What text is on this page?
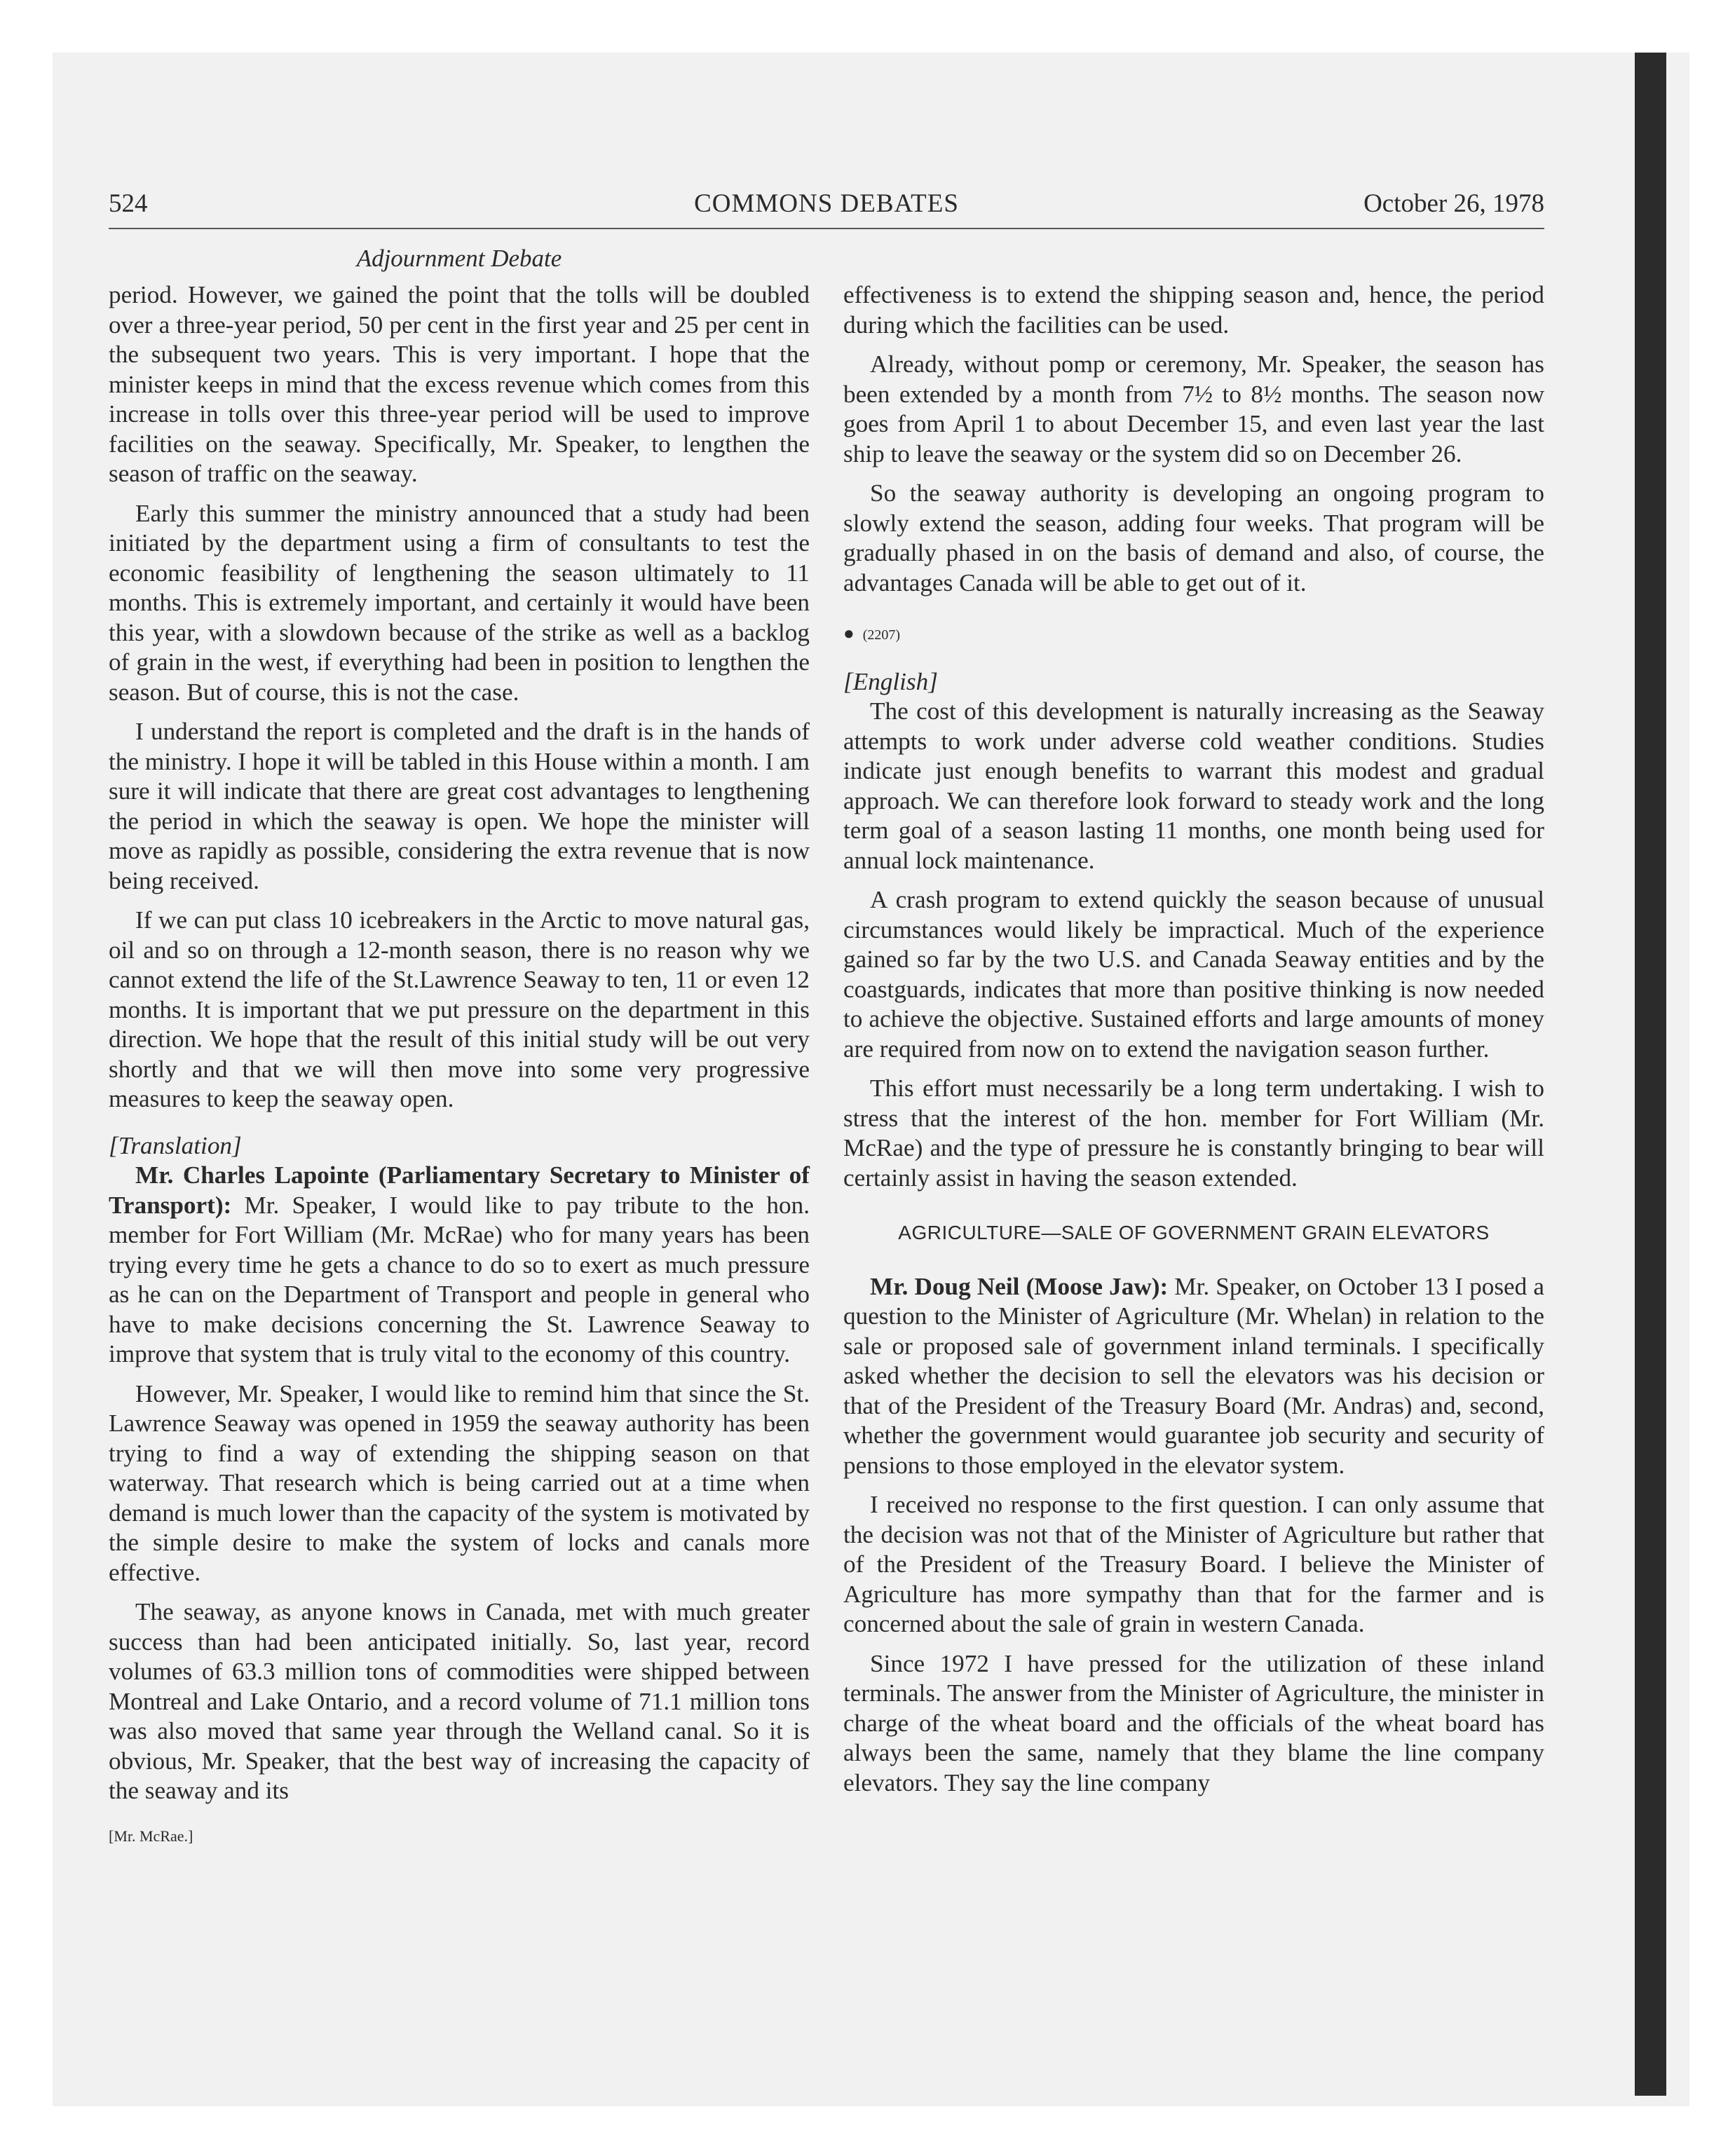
524	COMMONS DEBATES	October 26, 1978
Adjournment Debate

period. However, we gained the point that the tolls will be doubled over a three-year period, 50 per cent in the first year and 25 per cent in the subsequent two years. This is very important. I hope that the minister keeps in mind that the excess revenue which comes from this increase in tolls over this three-year period will be used to improve facilities on the seaway. Specifically, Mr. Speaker, to lengthen the season of traffic on the seaway.

Early this summer the ministry announced that a study had been initiated by the department using a firm of consultants to test the economic feasibility of lengthening the season ultimately to 11 months. This is extremely important, and certainly it would have been this year, with a slowdown because of the strike as well as a backlog of grain in the west, if everything had been in position to lengthen the season. But of course, this is not the case.

I understand the report is completed and the draft is in the hands of the ministry. I hope it will be tabled in this House within a month. I am sure it will indicate that there are great cost advantages to lengthening the period in which the seaway is open. We hope the minister will move as rapidly as possible, considering the extra revenue that is now being received.

If we can put class 10 icebreakers in the Arctic to move natural gas, oil and so on through a 12-month season, there is no reason why we cannot extend the life of the St.Lawrence Seaway to ten, 11 or even 12 months. It is important that we put pressure on the department in this direction. We hope that the result of this initial study will be out very shortly and that we will then move into some very progressive measures to keep the seaway open.

[Translation]

Mr. Charles Lapointe (Parliamentary Secretary to Minister of Transport): Mr. Speaker, I would like to pay tribute to the hon. member for Fort William (Mr. McRae) who for many years has been trying every time he gets a chance to do so to exert as much pressure as he can on the Department of Transport and people in general who have to make decisions concerning the St. Lawrence Seaway to improve that system that is truly vital to the economy of this country.

However, Mr. Speaker, I would like to remind him that since the St. Lawrence Seaway was opened in 1959 the seaway authority has been trying to find a way of extending the shipping season on that waterway. That research which is being carried out at a time when demand is much lower than the capacity of the system is motivated by the simple desire to make the system of locks and canals more effective.

The seaway, as anyone knows in Canada, met with much greater success than had been anticipated initially. So, last year, record volumes of 63.3 million tons of commodities were shipped between Montreal and Lake Ontario, and a record volume of 71.1 million tons was also moved that same year through the Welland canal. So it is obvious, Mr. Speaker, that the best way of increasing the capacity of the seaway and its

[Mr. McRae.]

effectiveness is to extend the shipping season and, hence, the period during which the facilities can be used.

Already, without pomp or ceremony, Mr. Speaker, the season has been extended by a month from 7½ to 8½ months. The season now goes from April 1 to about December 15, and even last year the last ship to leave the seaway or the system did so on December 26.

So the seaway authority is developing an ongoing program to slowly extend the season, adding four weeks. That program will be gradually phased in on the basis of demand and also, of course, the advantages Canada will be able to get out of it.

● (2207)

[English]

The cost of this development is naturally increasing as the Seaway attempts to work under adverse cold weather conditions. Studies indicate just enough benefits to warrant this modest and gradual approach. We can therefore look forward to steady work and the long term goal of a season lasting 11 months, one month being used for annual lock maintenance.

A crash program to extend quickly the season because of unusual circumstances would likely be impractical. Much of the experience gained so far by the two U.S. and Canada Seaway entities and by the coastguards, indicates that more than positive thinking is now needed to achieve the objective. Sustained efforts and large amounts of money are required from now on to extend the navigation season further.

This effort must necessarily be a long term undertaking. I wish to stress that the interest of the hon. member for Fort William (Mr. McRae) and the type of pressure he is constantly bringing to bear will certainly assist in having the season extended.

AGRICULTURE—SALE OF GOVERNMENT GRAIN ELEVATORS

Mr. Doug Neil (Moose Jaw): Mr. Speaker, on October 13 I posed a question to the Minister of Agriculture (Mr. Whelan) in relation to the sale or proposed sale of government inland terminals. I specifically asked whether the decision to sell the elevators was his decision or that of the President of the Treasury Board (Mr. Andras) and, second, whether the government would guarantee job security and security of pensions to those employed in the elevator system.

I received no response to the first question. I can only assume that the decision was not that of the Minister of Agriculture but rather that of the President of the Treasury Board. I believe the Minister of Agriculture has more sympathy than that for the farmer and is concerned about the sale of grain in western Canada.

Since 1972 I have pressed for the utilization of these inland terminals. The answer from the Minister of Agriculture, the minister in charge of the wheat board and the officials of the wheat board has always been the same, namely that they blame the line company elevators. They say the line company
